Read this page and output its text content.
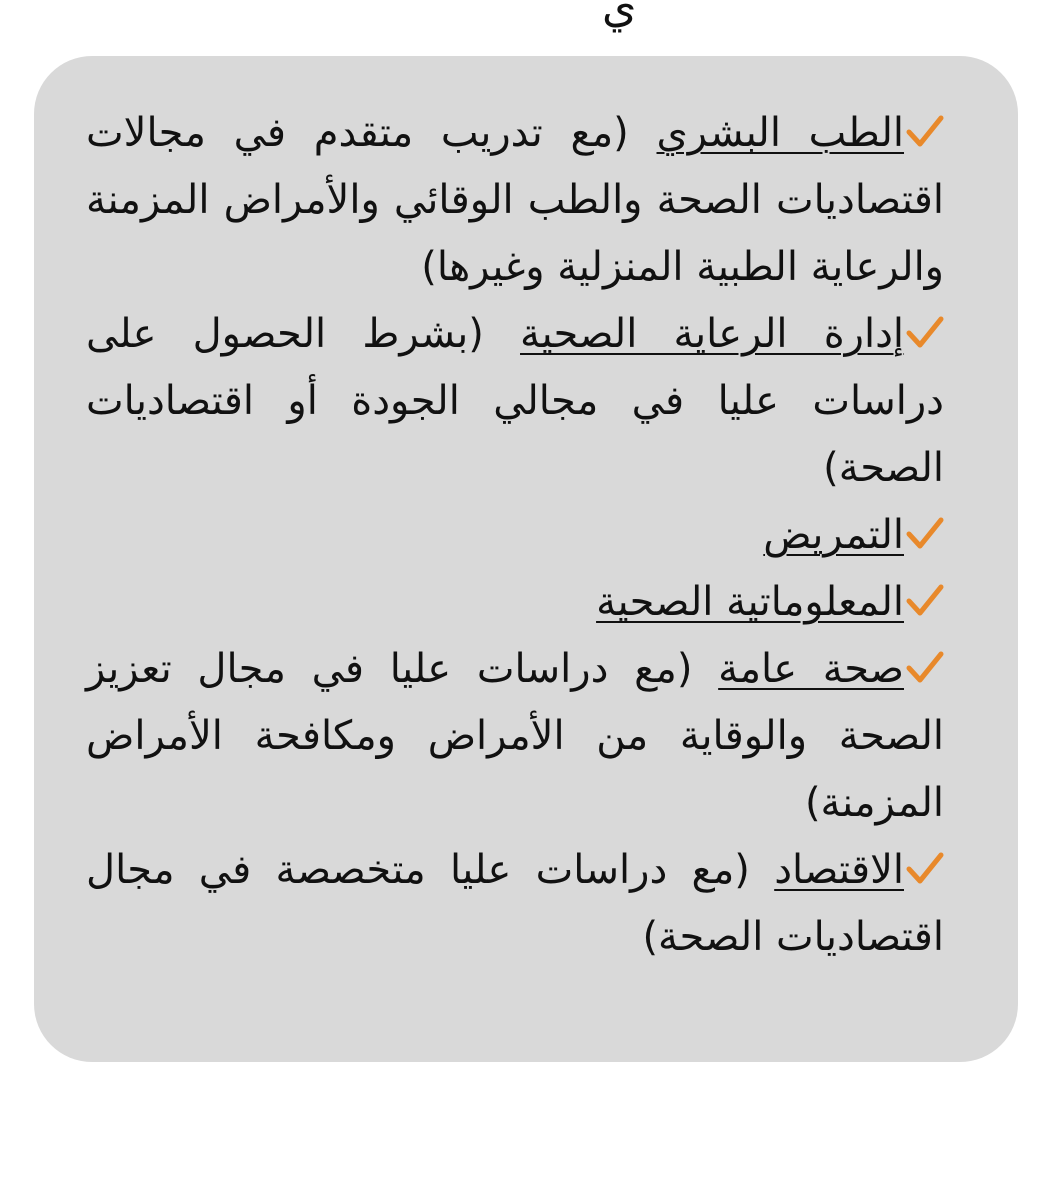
ي

الطب البشري (مع تدريب متقدم في مجالات اقتصاديات الصحة والطب الوقائي والأمراض المزمنة والرعاية الطبية المنزلية وغيرها)

إدارة الرعاية الصحية (بشرط الحصول على دراسات عليا في مجالي الجودة أو اقتصاديات الصحة)

التمريض

المعلوماتية الصحية

صحة عامة (مع دراسات عليا في مجال تعزيز الصحة والوقاية من الأمراض ومكافحة الأمراض المزمنة)

الاقتصاد (مع دراسات عليا متخصصة في مجال اقتصاديات الصحة)
